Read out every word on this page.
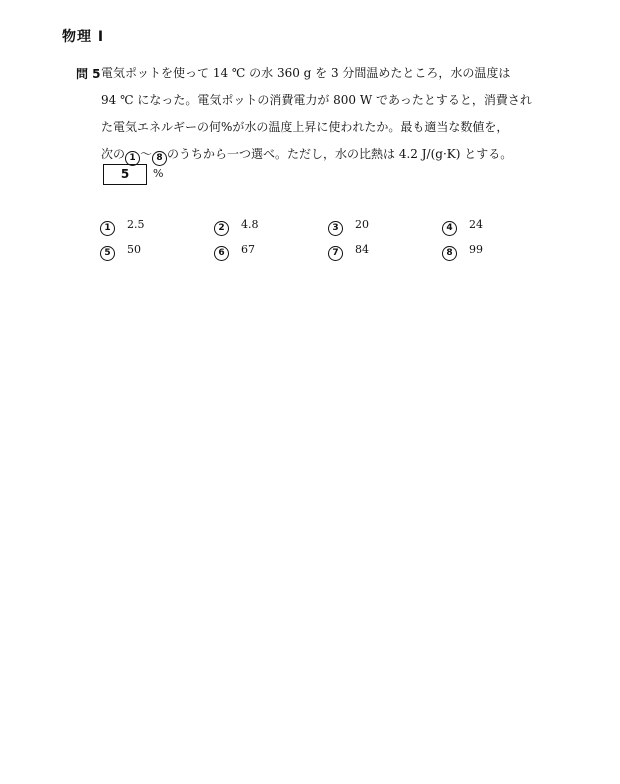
物理 I
問 5 電気ポットを使って 14 ℃ の水 360 g を 3 分間温めたところ，水の温度は
94 ℃ になった。電気ポットの消費電力が 800 W であったとすると，消費され
た電気エネルギーの何%が水の温度上昇に使われたか。最も適当な数値を，
次の 1 ～ 8 のうちから一つ選べ。ただし，水の比熱は 4.2 J/(g·K) とする。
5	%
1 2.5	2 4.8	3 20	4 24
5 50	6 67	7 84	8 99
